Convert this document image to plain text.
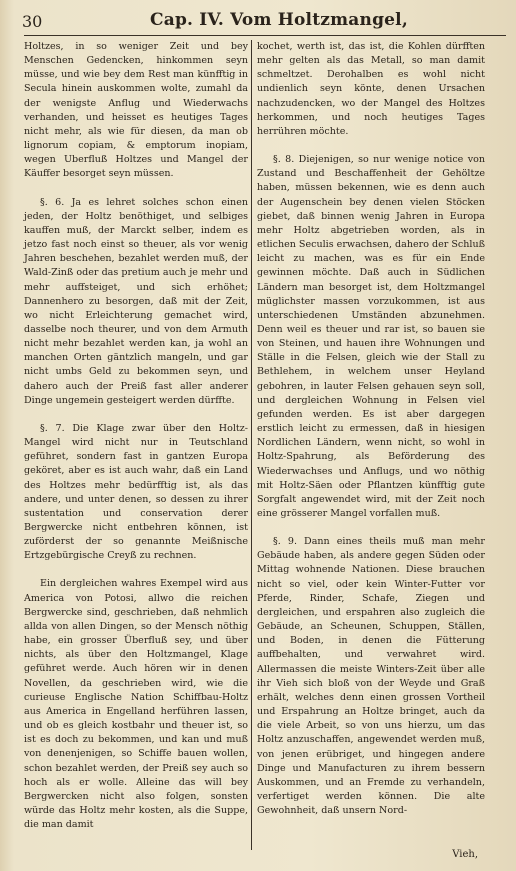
30	Cap. IV. Vom Holtzmangel,

Holtzes, in so weniger Zeit und bey Menschen Gedencken, hinkommen seyn müsse, und wie bey dem Rest man künfftig in Secula hinein auskommen wolte, zumahl da der wenigste Anflug und Wiederwachs verhanden, und heisset es heutiges Tages nicht mehr, als wie für diesen, da man ob lignorum copiam, & emptorum inopiam, wegen Uberfluß Holtzes und Mangel der Käuffer besorget seyn müssen.

§. 6. Ja es lehret solches schon einen jeden, der Holtz benöthiget, und selbiges kauffen muß, der Marckt selber, indem es jetzo fast noch einst so theuer, als vor wenig Jahren beschehen, bezahlet werden muß, der Wald-Zinß oder das pretium auch je mehr und mehr auffsteiget, und sich erhöhet; Dannenhero zu besorgen, daß mit der Zeit, wo nicht Erleichterung gemachet wird, dasselbe noch theurer, und von dem Armuth nicht mehr bezahlet werden kan, ja wohl an manchen Orten gäntzlich mangeln, und gar nicht umbs Geld zu bekommen seyn, und dahero auch der Preiß fast aller anderer Dinge ungemein gesteigert werden dürffte.

§. 7. Die Klage zwar über den Holtz-Mangel wird nicht nur in Teutschland geführet, sondern fast in gantzen Europa geköret, aber es ist auch wahr, daß ein Land des Holtzes mehr bedürfftig ist, als das andere, und unter denen, so dessen zu ihrer sustentation und conservation derer Bergwercke nicht entbehren können, ist zuförderst der so genannte Meißnische Ertzgebürgische Creyß zu rechnen.

Ein dergleichen wahres Exempel wird aus America von Potosi, allwo die reichen Bergwercke sind, geschrieben, daß nehmlich allda von allen Dingen, so der Mensch nöthig habe, ein grosser Überfluß sey, und über nichts, als über den Holtzmangel, Klage geführet werde. Auch hören wir in denen Novellen, da geschrieben wird, wie die curieuse Englische Nation Schiffbau-Holtz aus America in Engelland herführen lassen, und ob es gleich kostbahr und theuer ist, so ist es doch zu bekommen, und kan und muß von denenjenigen, so Schiffe bauen wollen, schon bezahlet werden, der Preiß sey auch so hoch als er wolle. Alleine das will bey Bergwercken nicht also folgen, sonsten würde das Holtz mehr kosten, als die Suppe, die man damit

kochet, werth ist, das ist, die Kohlen dürfften mehr gelten als das Metall, so man damit schmeltzet. Derohalben es wohl nicht undienlich seyn könte, denen Ursachen nachzudencken, wo der Mangel des Holtzes herkommen, und noch heutiges Tages herrühren möchte.

§. 8. Diejenigen, so nur wenige notice von Zustand und Beschaffenheit der Gehöltze haben, müssen bekennen, wie es denn auch der Augenschein bey denen vielen Stöcken giebet, daß binnen wenig Jahren in Europa mehr Holtz abgetrieben worden, als in etlichen Seculis erwachsen, dahero der Schluß leicht zu machen, was es für ein Ende gewinnen möchte. Daß auch in Südlichen Ländern man besorget ist, dem Holtzmangel müglichster massen vorzukommen, ist aus unterschiedenen Umständen abzunehmen. Denn weil es theuer und rar ist, so bauen sie von Steinen, und hauen ihre Wohnungen und Ställe in die Felsen, gleich wie der Stall zu Bethlehem, in welchem unser Heyland gebohren, in lauter Felsen gehauen seyn soll, und dergleichen Wohnung in Felsen viel gefunden werden. Es ist aber dargegen erstlich leicht zu ermessen, daß in hiesigen Nordlichen Ländern, wenn nicht, so wohl in Holtz-Spahrung, als Beförderung des Wiederwachses und Anflugs, und wo nöthig mit Holtz-Säen oder Pflantzen künfftig gute Sorgfalt angewendet wird, mit der Zeit noch eine grösserer Mangel vorfallen muß.

§. 9. Dann eines theils muß man mehr Gebäude haben, als andere gegen Süden oder Mittag wohnende Nationen. Diese brauchen nicht so viel, oder kein Winter-Futter vor Pferde, Rinder, Schafe, Ziegen und dergleichen, und erspahren also zugleich die Gebäude, an Scheunen, Schuppen, Ställen, und Boden, in denen die Fütterung auffbehalten, und verwahret wird. Allermassen die meiste Winters-Zeit über alle ihr Vieh sich bloß von der Weyde und Graß erhält, welches denn einen grossen Vortheil und Erspahrung an Holtze bringet, auch da die viele Arbeit, so von uns hierzu, um das Holtz anzuschaffen, angewendet werden muß, von jenen erübriget, und hingegen andere Dinge und Manufacturen zu ihrem bessern Auskommen, und an Fremde zu verhandeln, verfertiget werden können. Die alte Gewohnheit, daß unsern Nord-

Vieh,
